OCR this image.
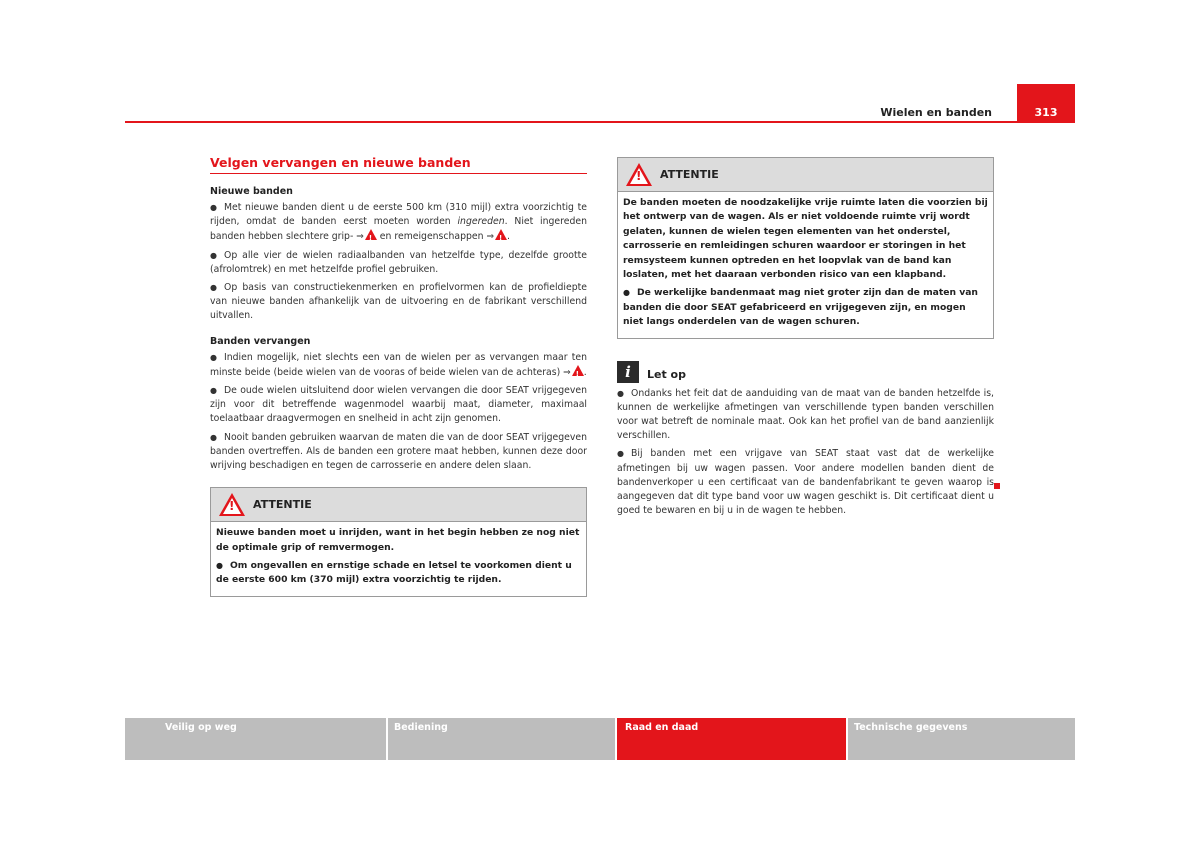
313
Wielen en banden
Velgen vervangen en nieuwe banden
Nieuwe banden

● Met nieuwe banden dient u de eerste 500 km (310 mijl) extra voorzichtig te rijden, omdat de banden eerst moeten worden ingereden. Niet ingereden banden hebben slechtere grip- ⇒! en remeigenschappen ⇒! .

● Op alle vier de wielen radiaalbanden van hetzelfde type, dezelfde grootte (afrolomtrek) en met hetzelfde profiel gebruiken.

● Op basis van constructiekenmerken en profielvormen kan de profieldiepte van nieuwe banden afhankelijk van de uitvoering en de fabrikant verschillend uitvallen.

Banden vervangen

● Indien mogelijk, niet slechts een van de wielen per as vervangen maar ten minste beide (beide wielen van de vooras of beide wielen van de achteras) ⇒! .

● De oude wielen uitsluitend door wielen vervangen die door SEAT vrijgegeven zijn voor dit betreffende wagenmodel waarbij maat, diameter, maximaal toelaatbaar draagvermogen en snelheid in acht zijn genomen.

● Nooit banden gebruiken waarvan de maten die van de door SEAT vrijgegeven banden overtreffen. Als de banden een grotere maat hebben, kunnen deze door wrijving beschadigen en tegen de carrosserie en andere delen slaan.

!
ATTENTIE

Nieuwe banden moet u inrijden, want in het begin hebben ze nog niet de optimale grip of remvermogen.

● Om ongevallen en ernstige schade en letsel te voorkomen dient u de eerste 600 km (370 mijl) extra voorzichtig te rijden.

!
ATTENTIE

De banden moeten de noodzakelijke vrije ruimte laten die voorzien bij het ontwerp van de wagen. Als er niet voldoende ruimte vrij wordt gelaten, kunnen de wielen tegen elementen van het onderstel, carrosserie en remleidingen schuren waardoor er storingen in het remsysteem kunnen optreden en het loopvlak van de band kan loslaten, met het daaraan verbonden risico van een klapband.

● De werkelijke bandenmaat mag niet groter zijn dan de maten van banden die door SEAT gefabriceerd en vrijgegeven zijn, en mogen niet langs onderdelen van de wagen schuren.

i	Let op

● Ondanks het feit dat de aanduiding van de maat van de banden hetzelfde is, kunnen de werkelijke afmetingen van verschillende typen banden verschillen voor wat betreft de nominale maat. Ook kan het profiel van de band aanzienlijk verschillen.

● Bij banden met een vrijgave van SEAT staat vast dat de werkelijke afmetingen bij uw wagen passen. Voor andere modellen banden dient de bandenverkoper u een certificaat van de bandenfabrikant te geven waarop is aangegeven dat dit type band voor uw wagen geschikt is. Dit certificaat dient u goed te bewaren en bij u in de wagen te hebben.

Veilig op weg	Bediening	Raad en daad	Technische gegevens
